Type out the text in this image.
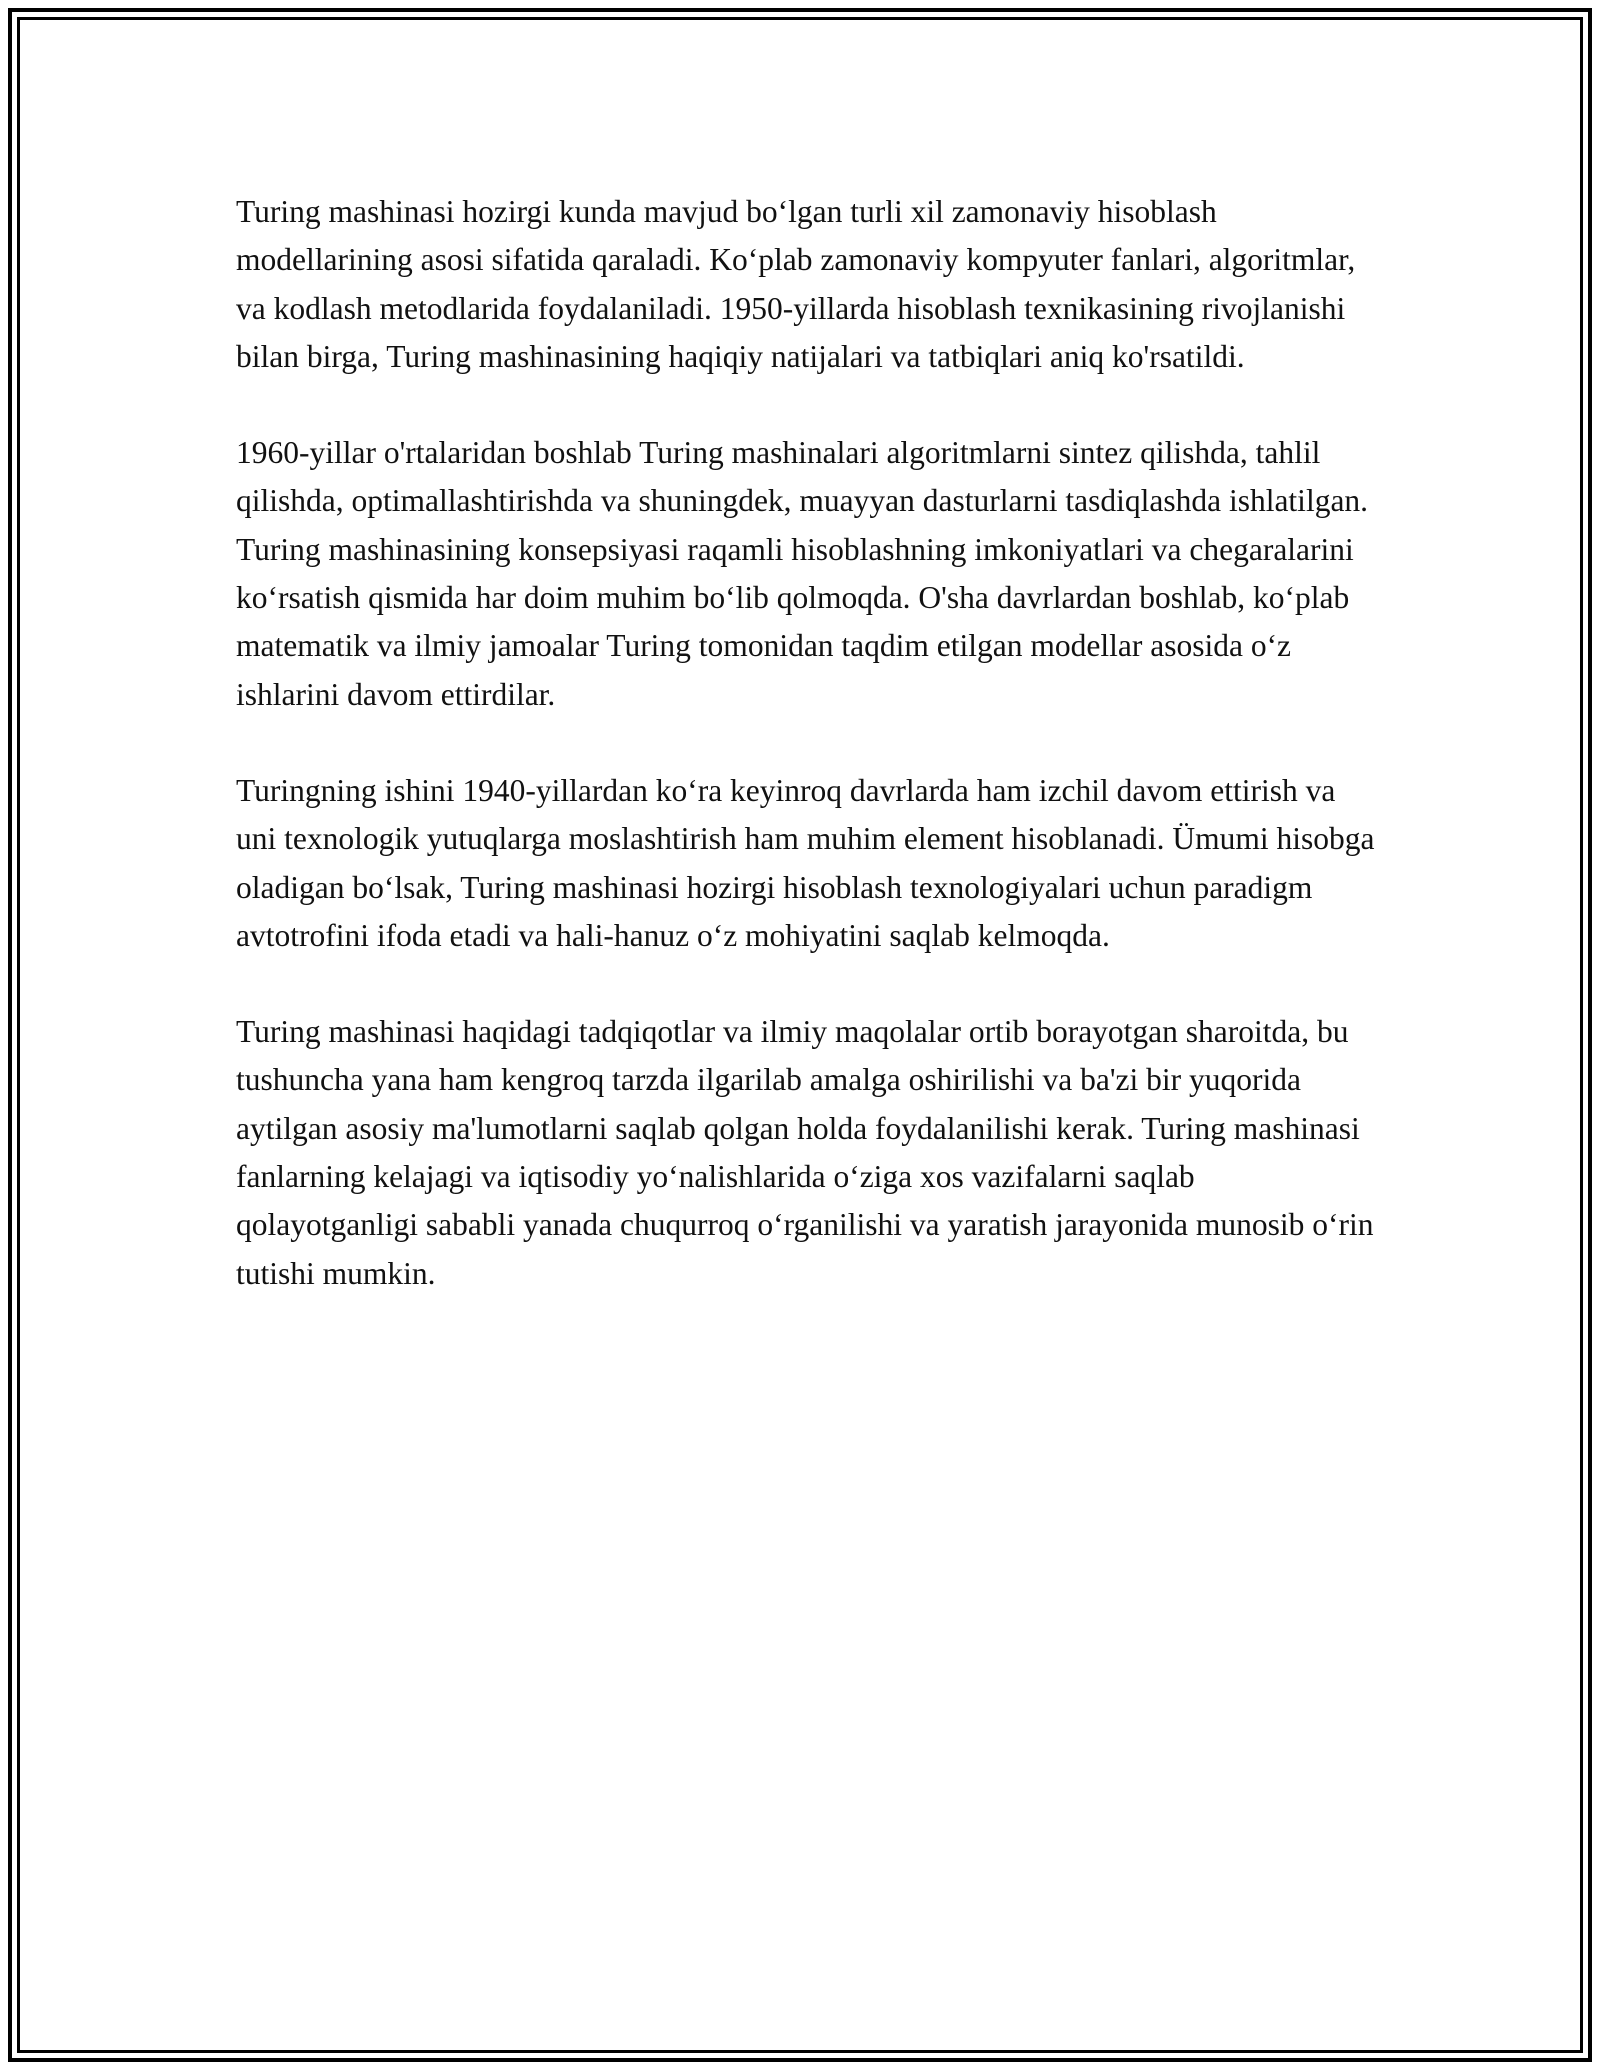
Turing mashinasi hozirgi kunda mavjud bo‘lgan turli xil zamonaviy hisoblash modellarining asosi sifatida qaraladi. Ko‘plab zamonaviy kompyuter fanlari, algoritmlar, va kodlash metodlarida foydalaniladi. 1950-yillarda hisoblash texnikasining rivojlanishi bilan birga, Turing mashinasining haqiqiy natijalari va tatbiqlari aniq ko'rsatildi.

1960-yillar o'rtalaridan boshlab Turing mashinalari algoritmlarni sintez qilishda, tahlil qilishda, optimallashtirishda va shuningdek, muayyan dasturlarni tasdiqlashda ishlatilgan. Turing mashinasining konsepsiyasi raqamli hisoblashning imkoniyatlari va chegaralarini ko‘rsatish qismida har doim muhim bo‘lib qolmoqda. O'sha davrlardan boshlab, ko‘plab matematik va ilmiy jamoalar Turing tomonidan taqdim etilgan modellar asosida o‘z ishlarini davom ettirdilar.

Turingning ishini 1940-yillardan ko‘ra keyinroq davrlarda ham izchil davom ettirish va uni texnologik yutuqlarga moslashtirish ham muhim element hisoblanadi. Ümumi hisobga oladigan bo‘lsak, Turing mashinasi hozirgi hisoblash texnologiyalari uchun paradigm avtotrofini ifoda etadi va hali-hanuz o‘z mohiyatini saqlab kelmoqda.

Turing mashinasi haqidagi tadqiqotlar va ilmiy maqolalar ortib borayotgan sharoitda, bu tushuncha yana ham kengroq tarzda ilgarilab amalga oshirilishi va ba'zi bir yuqorida aytilgan asosiy ma'lumotlarni saqlab qolgan holda foydalanilishi kerak. Turing mashinasi fanlarning kelajagi va iqtisodiy yo‘nalishlarida o‘ziga xos vazifalarni saqlab qolayotganligi sababli yanada chuqurroq o‘rganilishi va yaratish jarayonida munosib o‘rin tutishi mumkin.
